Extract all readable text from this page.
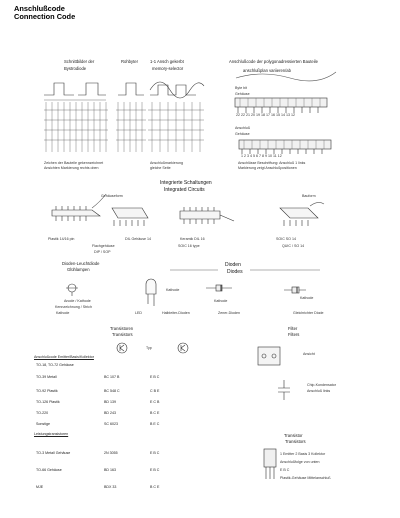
Anschlußcode
Connection Code
Schnittbilder der
Bystrodiode
Rohbyter	1-1 Ansch gekerbt
memory-selector
Anschlußcode der polygonadressierten Bauteile
anschlußplan variieren/ab
Byte bit
Gehäuse
22 22 21 20 19 18 17 16 15 14 13 12
Anschluß
Gehäuse
1 2 3 4 5 6 7 8 9 10 11 12
Zeichen der Bauteile gekennzeichnet
Ansichten Markierung rechts oben
Anschlußmarkierung
gleiche Seite
Anschlüsse Beschriftung: Anschluß 1 links
Markierung zeigt Anschlußpositionen
Integrierte Schaltungen
Integrated Circuits
Gehäuseform	Bauform
Plastik 14/16 pin	DIL Gehäuse 14	Keramik DIL 16	SOIC SO 14
Flachgehäuse
DIP / SOP
SOIC 16 type	QUIC / SO 14
Dioden-Leuchtdiode
Glühlampen
Dioden
Diodes
Anode / Kathode
Kennzeichnung / Strich
Kathode
Kathode
Kathode
Kathode
LED	Halbleiter-Dioden	Zener-Dioden	Gleichrichter Diode
Transistoren
Transistors
Typ
Anschlußcode Emitter/Basis/Kollektor
TO-18, TO-72 Gehäuse
TO-39 Metall	BC 107 B	E B C
TO-92 Plastik	BC 548 C	C B E
TO-126 Plastik	BD 139	E C B
TO-220	BD 243	B C E
Sonstige	SC 6023	B E C
Leistungstransistoren
TO-3 Metall Gehäuse	2N 3055	E B C
TO-66 Gehäuse	BD 163	E B C
MJE	BDX 33	B C E
Filter
Filters
Ansicht
Chip-Kondensator
Anschluß links
Transistor
Transistors
1 Emitter 2 Basis 3 Kollektor
Anschlußfolge von unten
E B C
Plastik-Gehäuse Mittelanschluß
